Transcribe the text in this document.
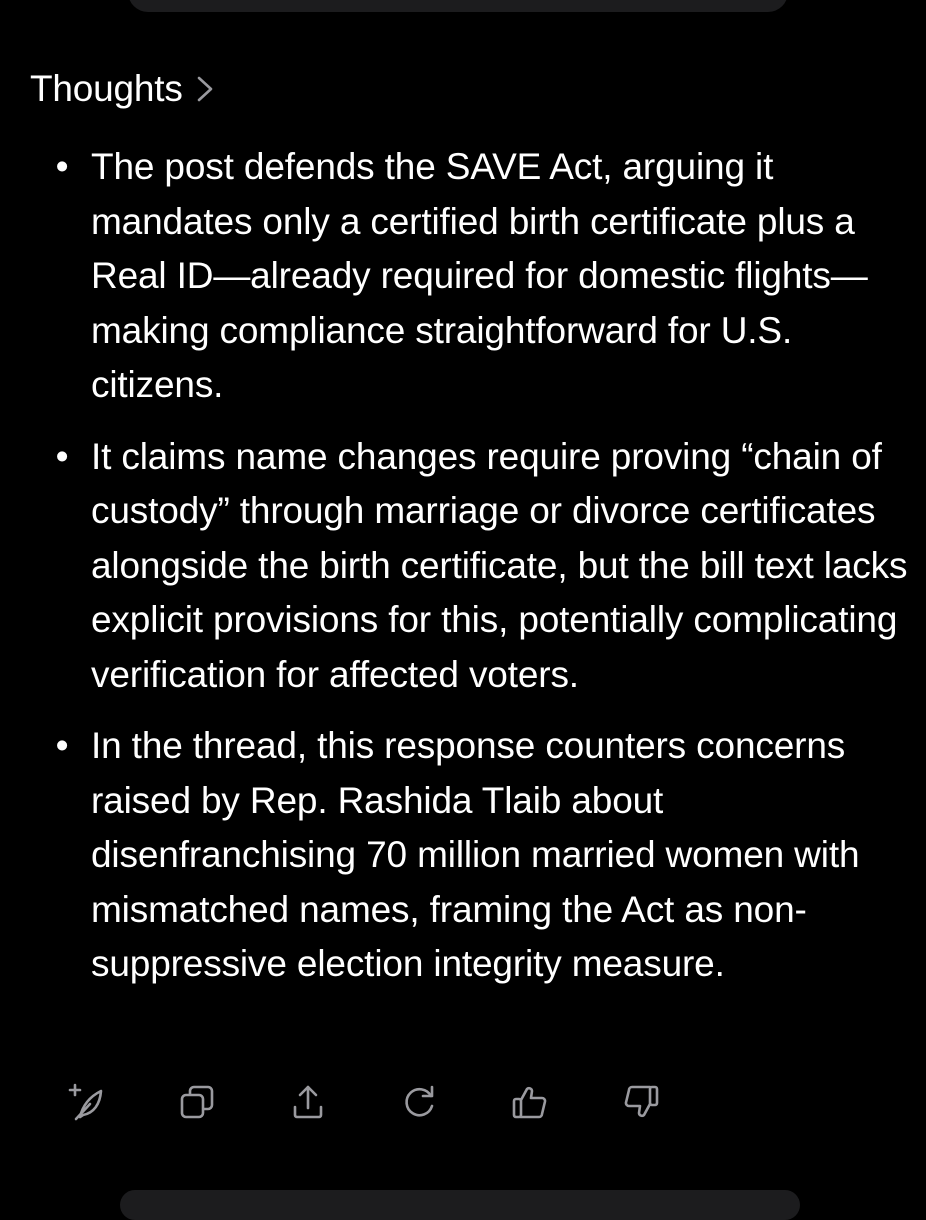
Thoughts
• The post defends the SAVE Act, arguing it mandates only a certified birth certificate plus a Real ID—already required for domestic flights—making compliance straightforward for U.S. citizens.
• It claims name changes require proving “chain of custody” through marriage or divorce certificates alongside the birth certificate, but the bill text lacks explicit provisions for this, potentially complicating verification for affected voters.
• In the thread, this response counters concerns raised by Rep. Rashida Tlaib about disenfranchising 70 million married women with mismatched names, framing the Act as non-suppressive election integrity measure.
